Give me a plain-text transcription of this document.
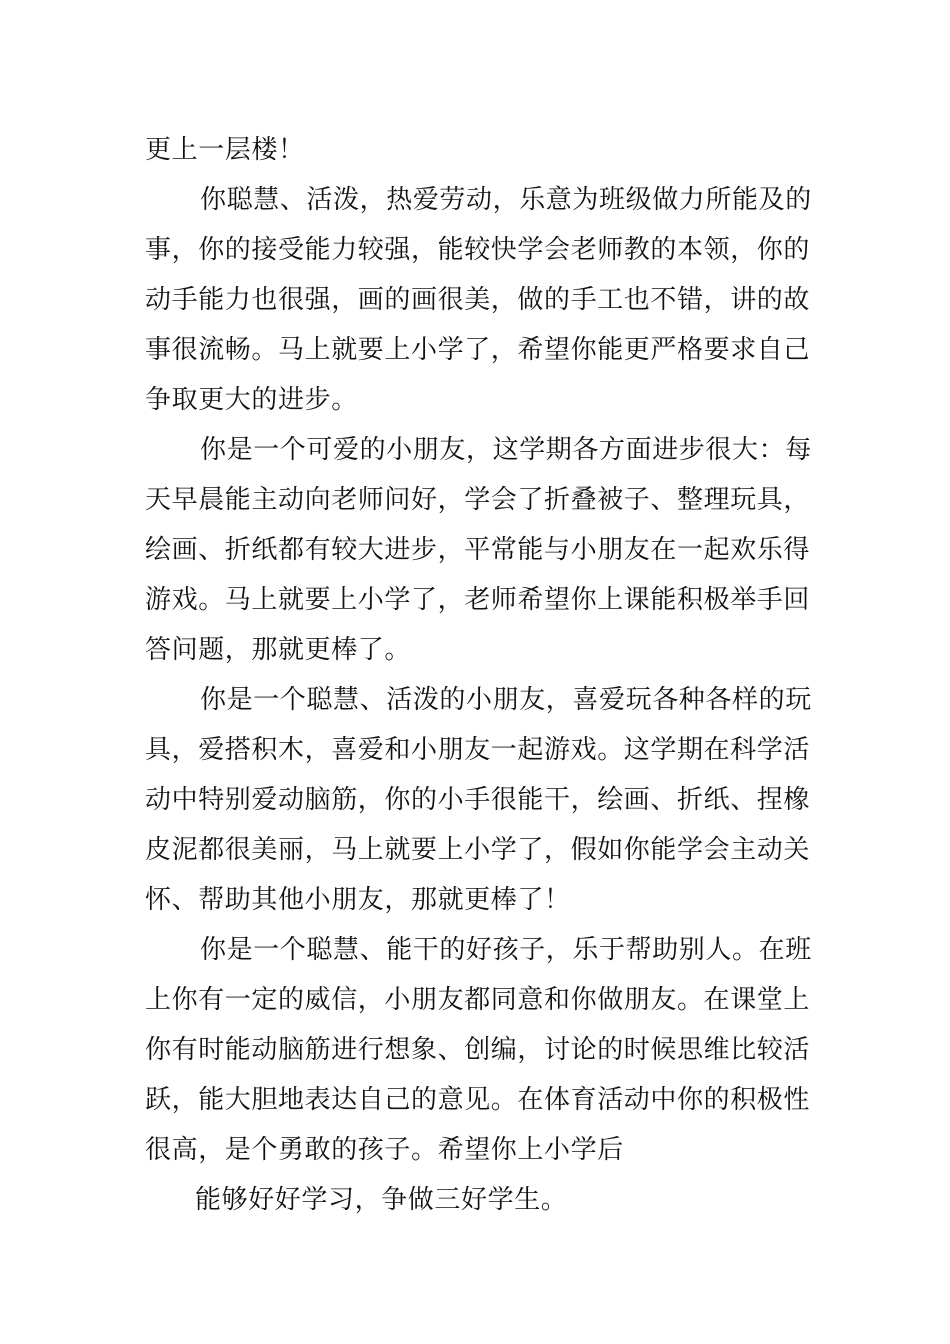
更上一层楼！
你聪慧、活泼，热爱劳动，乐意为班级做力所能及的
事，你的接受能力较强，能较快学会老师教的本领，你的
动手能力也很强，画的画很美，做的手工也不错，讲的故
事很流畅。马上就要上小学了，希望你能更严格要求自己
争取更大的进步。
你是一个可爱的小朋友，这学期各方面进步很大：每
天早晨能主动向老师问好，学会了折叠被子、整理玩具，
绘画、折纸都有较大进步，平常能与小朋友在一起欢乐得
游戏。马上就要上小学了，老师希望你上课能积极举手回
答问题，那就更棒了。
你是一个聪慧、活泼的小朋友，喜爱玩各种各样的玩
具，爱搭积木，喜爱和小朋友一起游戏。这学期在科学活
动中特别爱动脑筋，你的小手很能干，绘画、折纸、捏橡
皮泥都很美丽，马上就要上小学了，假如你能学会主动关
怀、帮助其他小朋友，那就更棒了！
你是一个聪慧、能干的好孩子，乐于帮助别人。在班
上你有一定的威信，小朋友都同意和你做朋友。在课堂上
你有时能动脑筋进行想象、创编，讨论的时候思维比较活
跃，能大胆地表达自己的意见。在体育活动中你的积极性
很高，是个勇敢的孩子。希望你上小学后
能够好好学习，争做三好学生。
